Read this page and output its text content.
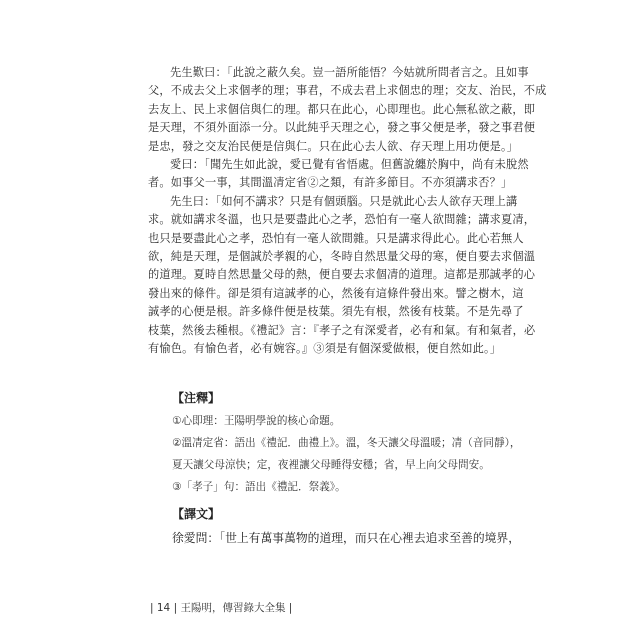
先生歎曰：「此說之蔽久矣。豈一語所能悟？今姑就所問者言之。且如事
父，不成去父上求個孝的理；事君，不成去君上求個忠的理；交友、治民，不成
去友上、民上求個信與仁的理。都只在此心，心即理也。此心無私欲之蔽，即
是天理，不須外面添一分。以此純乎天理之心，發之事父便是孝，發之事君便
是忠，發之交友治民便是信與仁。只在此心去人欲、存天理上用功便是。」

愛曰：「聞先生如此說，愛已覺有省悟處。但舊說纏於胸中，尚有未脫然
者。如事父一事，其間溫凊定省②之類，有許多節目。不亦須講求否？」

先生曰：「如何不講求？只是有個頭腦。只是就此心去人欲存天理上講
求。就如講求冬溫，也只是要盡此心之孝，恐怕有一毫人欲間雜；講求夏凊，
也只是要盡此心之孝，恐怕有一毫人欲間雜。只是講求得此心。此心若無人
欲，純是天理，是個誠於孝親的心，冬時自然思量父母的寒，便自要去求個溫
的道理。夏時自然思量父母的熱，便自要去求個凊的道理。這都是那誠孝的心
發出來的條件。卻是須有這誠孝的心，然後有這條件發出來。譬之樹木，這
誠孝的心便是根。許多條件便是枝葉。須先有根，然後有枝葉。不是先尋了
枝葉，然後去種根。《禮記》言：『孝子之有深愛者，必有和氣。有和氣者，必
有愉色。有愉色者，必有婉容。』③須是有個深愛做根，便自然如此。」

【注釋】
①心即理：王陽明學說的核心命題。
②溫凊定省：語出《禮記．曲禮上》。溫，冬天讓父母溫暖；凊（音同靜），
夏天讓父母涼快；定，夜裡讓父母睡得安穩；省，早上向父母問安。
③「孝子」句：語出《禮記．祭義》。
【譯文】
徐愛問：「世上有萬事萬物的道理，而只在心裡去追求至善的境界，
| 14 | 王陽明，傳習錄大全集 |
